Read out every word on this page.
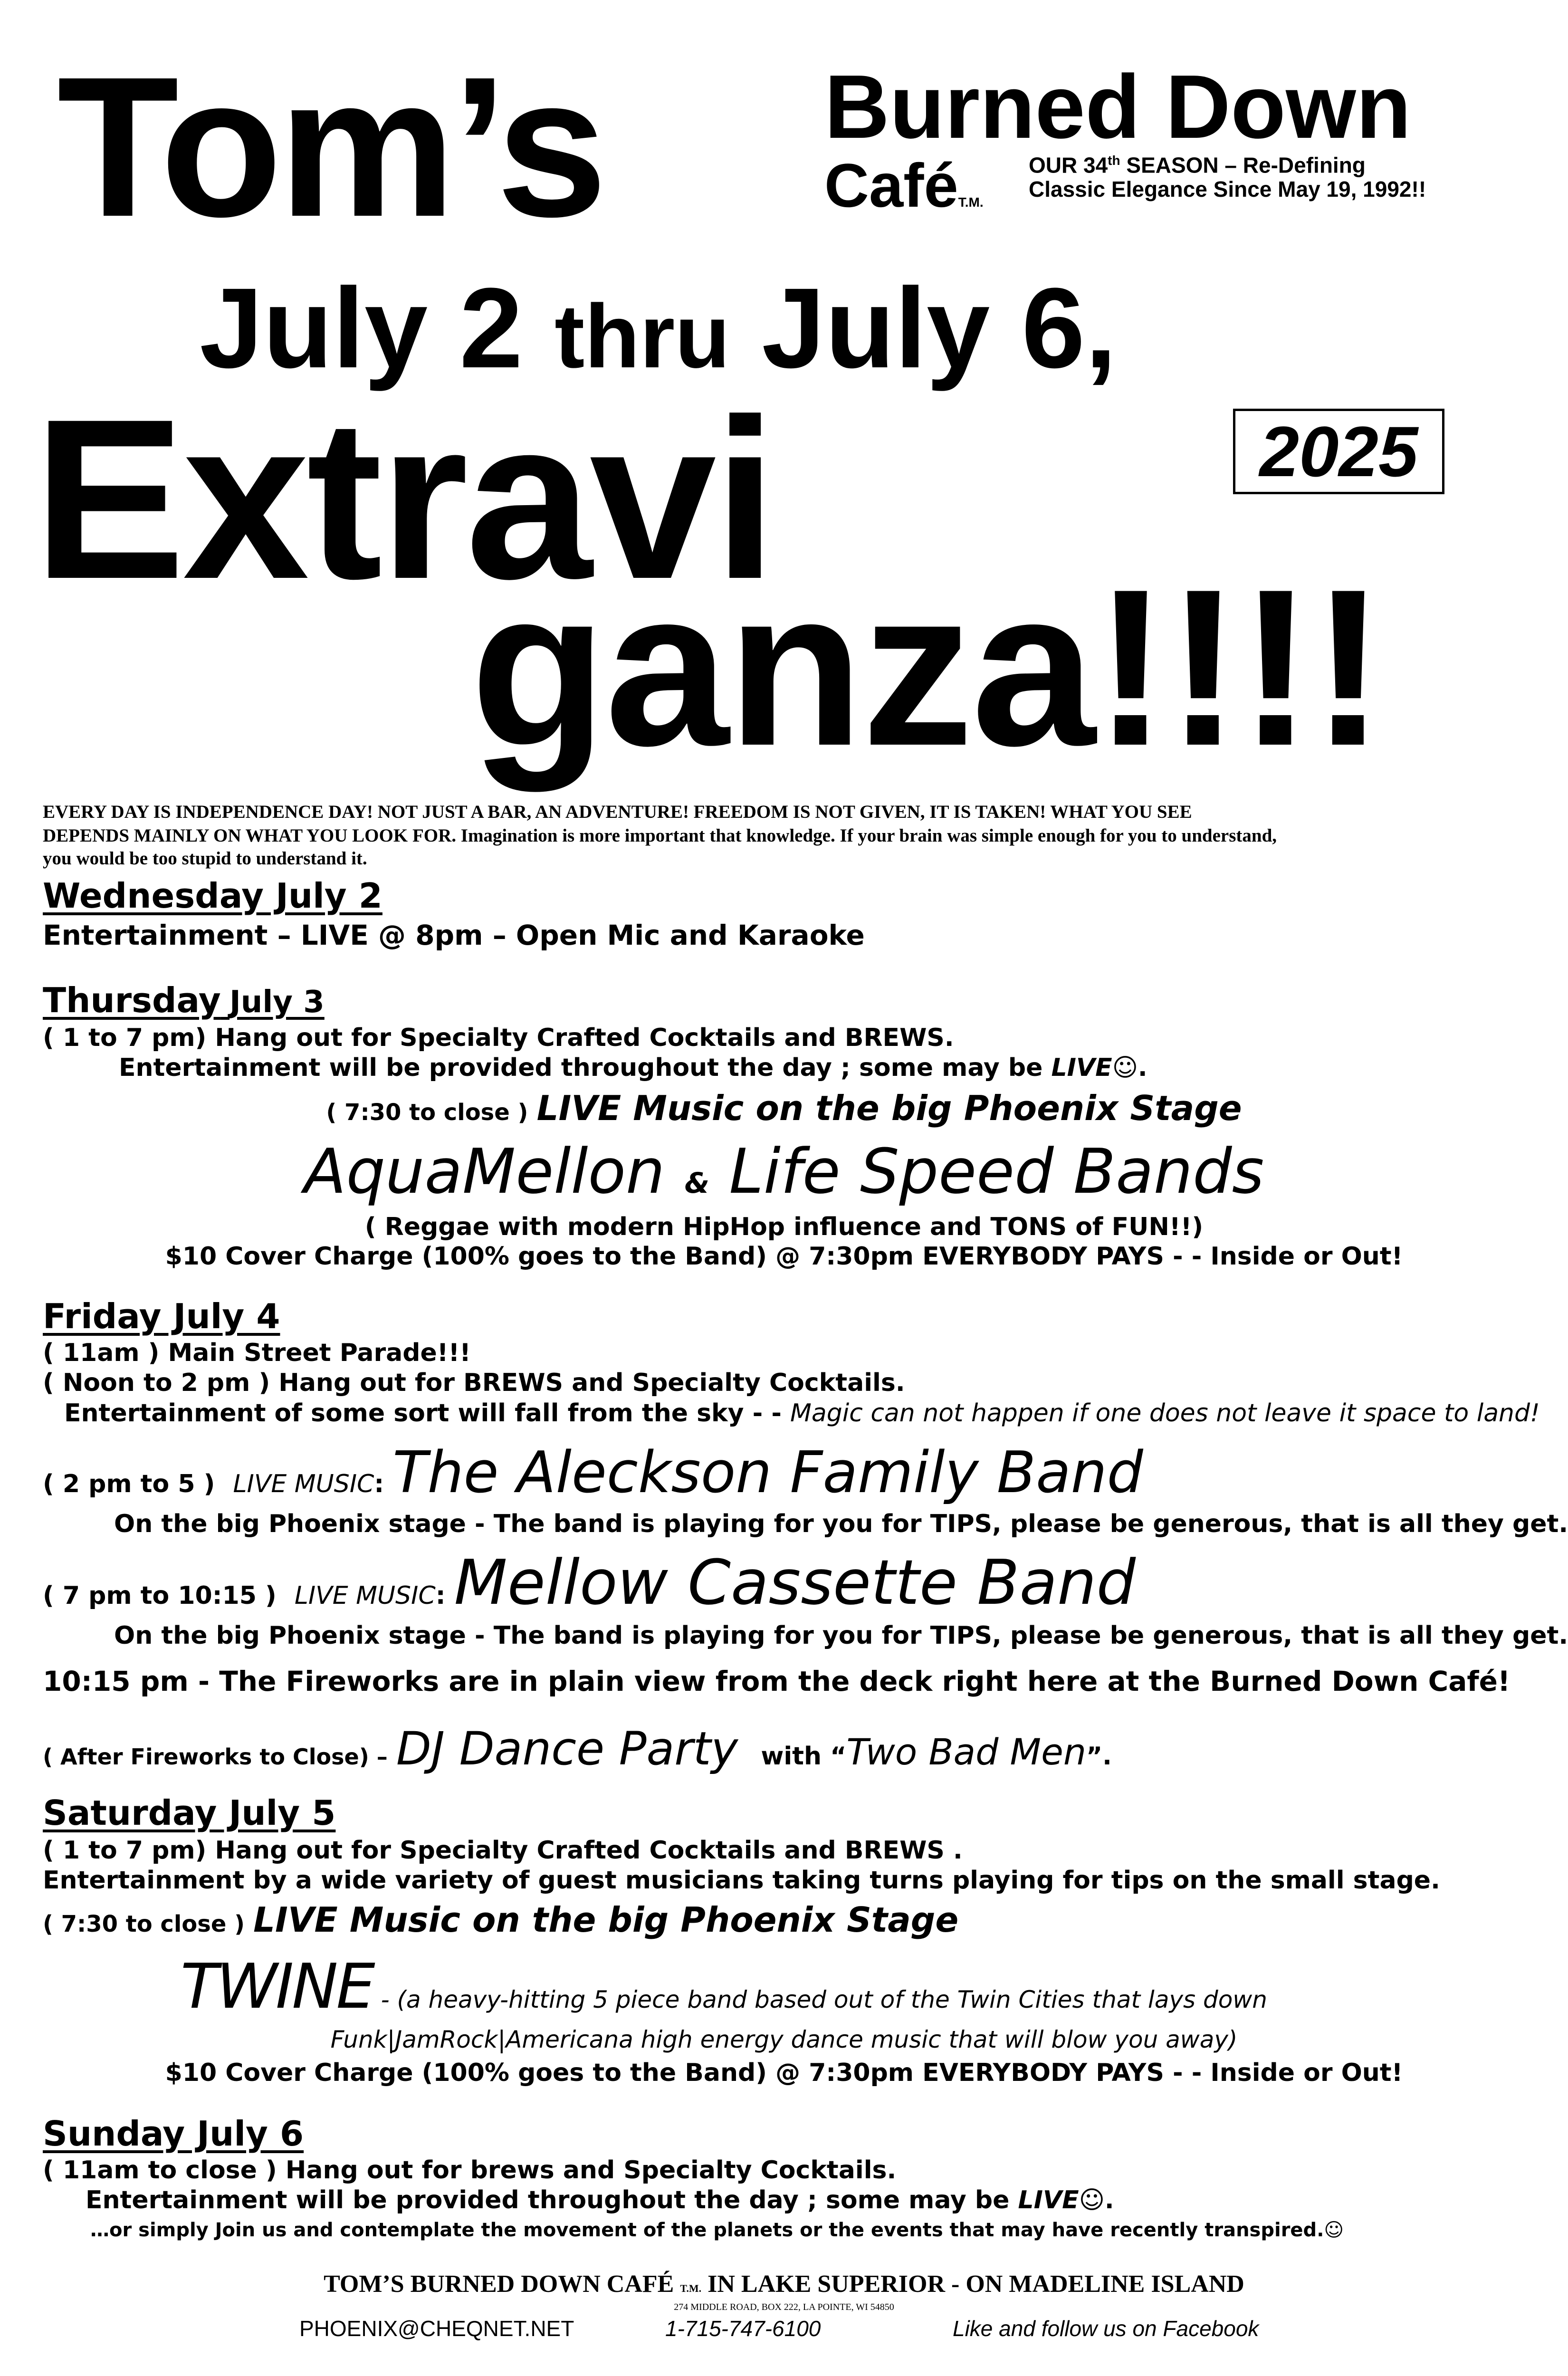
Tom’s Burned Down
CaféT.M.
OUR 34th SEASON – Re-Defining
Classic Elegance Since May 19, 1992!!
July 2 thru July 6,
2025
Extravi
ganza!!!!
EVERY DAY IS INDEPENDENCE DAY! NOT JUST A BAR, AN ADVENTURE! FREEDOM IS NOT GIVEN, IT IS TAKEN! WHAT YOU SEE
DEPENDS MAINLY ON WHAT YOU LOOK FOR. Imagination is more important that knowledge. If your brain was simple enough for you to understand,
you would be too stupid to understand it.
Wednesday July 2
Entertainment – LIVE @ 8pm – Open Mic and Karaoke
Thursday July 3
( 1 to 7 pm) Hang out for Specialty Crafted Cocktails and BREWS.
Entertainment will be provided throughout the day ; some may be LIVE☺.
( 7:30 to close ) LIVE Music on the big Phoenix Stage
AquaMellon & Life Speed Bands
( Reggae with modern HipHop influence and TONS of FUN!!)
$10 Cover Charge (100% goes to the Band) @ 7:30pm EVERYBODY PAYS - - Inside or Out!
Friday July 4
( 11am ) Main Street Parade!!!
( Noon to 2 pm ) Hang out for BREWS and Specialty Cocktails.
Entertainment of some sort will fall from the sky - - Magic can not happen if one does not leave it space to land!
( 2 pm to 5 ) LIVE MUSIC: The Aleckson Family Band
On the big Phoenix stage - The band is playing for you for TIPS, please be generous, that is all they get.
( 7 pm to 10:15 ) LIVE MUSIC: Mellow Cassette Band
On the big Phoenix stage - The band is playing for you for TIPS, please be generous, that is all they get.
10:15 pm - The Fireworks are in plain view from the deck right here at the Burned Down Café!
( After Fireworks to Close) – DJ Dance Party with “Two Bad Men”.
Saturday July 5
( 1 to 7 pm) Hang out for Specialty Crafted Cocktails and BREWS .
Entertainment by a wide variety of guest musicians taking turns playing for tips on the small stage.
( 7:30 to close ) LIVE Music on the big Phoenix Stage
TWINE - (a heavy-hitting 5 piece band based out of the Twin Cities that lays down
Funk|JamRock|Americana high energy dance music that will blow you away)
$10 Cover Charge (100% goes to the Band) @ 7:30pm EVERYBODY PAYS - - Inside or Out!
Sunday July 6
( 11am to close ) Hang out for brews and Specialty Cocktails.
Entertainment will be provided throughout the day ; some may be LIVE☺.
…or simply Join us and contemplate the movement of the planets or the events that may have recently transpired.☺
TOM’S BURNED DOWN CAFÉ T.M. IN LAKE SUPERIOR - ON MADELINE ISLAND
274 MIDDLE ROAD, BOX 222, LA POINTE, WI 54850
PHOENIX@CHEQNET.NET	1-715-747-6100	Like and follow us on Facebook
